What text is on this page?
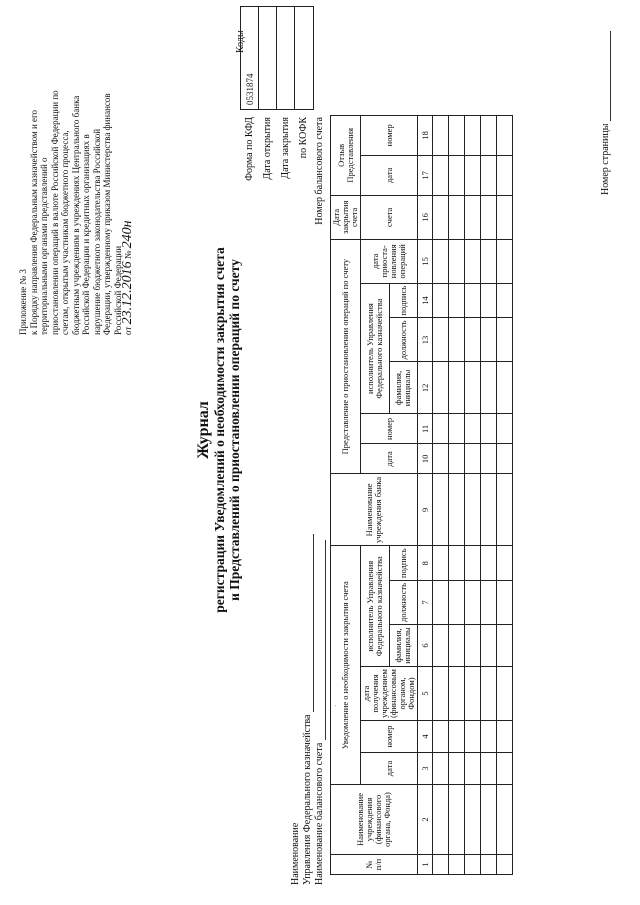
Приложение № 3 к Порядку направления Федеральным казначейством и его территориальными органами представлений о приостановлении операций в валюте Российской Федерации по счетам, открытым участникам бюджетного процесса, бюджетным учреждениям в учреждениях Центрального банка Российской Федерации и кредитных организациях в нарушение бюджетного законодательства Российской Федерации, утвержденному приказом Министерства финансов Российской Федерации от 23.12.2016 № 240н
Журнал регистрации Уведомлений о необходимости закрытия счета и Представлений о приостановлении операций по счету
Коды
0531874
Форма по КФД Дата открытия Дата закрытия по КОФК Номер балансового счета
Наименование Управления Федерального казначейства Наименование балансового счета
·
№ п/п	Наименование учреждения (финансового органа, Фонда)	Уведомление о необходимости закрытия счета						Наименование учреждения банка	Представление о приостановлении операций по счету						Дата закрытия счета	Отзыв Представления	
		дата	номер	дата получения учреждением (финансовым органом, Фондом)	исполнитель Управления Федерального казначейства				дата	номер	исполнитель Управления Федерального казначейства			дата приоста-новления операций	счета	дата	номер
					фамилия, инициалы	должность	подпись				фамилия, инициалы	должность	подпись				
1	2	3	4	5	6	7	8	9	10	11	12	13	14	15	16	17	18

																		Номер страницы
